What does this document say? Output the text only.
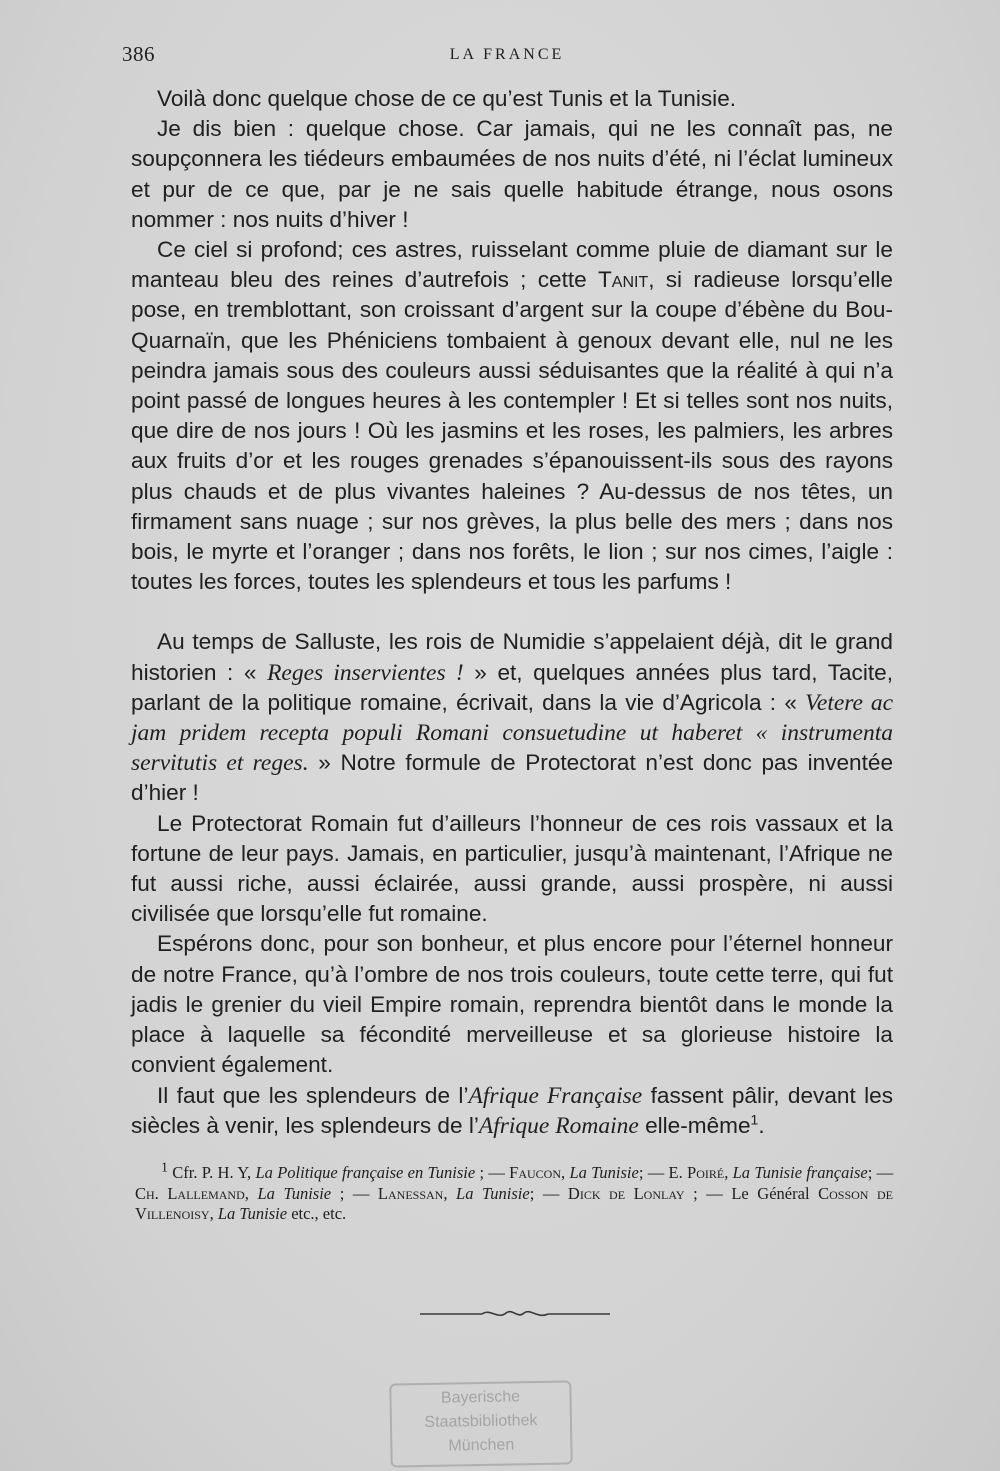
386	LA FRANCE

Voilà donc quelque chose de ce qu’est Tunis et la Tunisie.

Je dis bien : quelque chose. Car jamais, qui ne les connaît pas, ne soupçonnera les tiédeurs embaumées de nos nuits d’été, ni l’éclat lumineux et pur de ce que, par je ne sais quelle habitude étrange, nous osons nommer : nos nuits d’hiver !

Ce ciel si profond; ces astres, ruisselant comme pluie de diamant sur le manteau bleu des reines d’autrefois ; cette Tanit, si radieuse lorsqu’elle pose, en tremblottant, son croissant d’argent sur la coupe d’ébène du Bou-Quarnaïn, que les Phéniciens tombaient à genoux devant elle, nul ne les peindra jamais sous des couleurs aussi séduisantes que la réalité à qui n’a point passé de longues heures à les contempler ! Et si telles sont nos nuits, que dire de nos jours ! Où les jasmins et les roses, les palmiers, les arbres aux fruits d’or et les rouges grenades s’épanouissent-ils sous des rayons plus chauds et de plus vivantes haleines ? Au-dessus de nos têtes, un firmament sans nuage ; sur nos grèves, la plus belle des mers ; dans nos bois, le myrte et l’oranger ; dans nos forêts, le lion ; sur nos cimes, l’aigle : toutes les forces, toutes les splendeurs et tous les parfums !

Au temps de Salluste, les rois de Numidie s’appelaient déjà, dit le grand historien : « Reges inservientes ! » et, quelques années plus tard, Tacite, parlant de la politique romaine, écrivait, dans la vie d’Agricola : « Vetere ac jam pridem recepta populi Romani consuetudine ut haberet « instrumenta servitutis et reges. » Notre formule de Protectorat n’est donc pas inventée d’hier !

Le Protectorat Romain fut d’ailleurs l’honneur de ces rois vassaux et la fortune de leur pays. Jamais, en particulier, jusqu’à maintenant, l’Afrique ne fut aussi riche, aussi éclairée, aussi grande, aussi prospère, ni aussi civilisée que lorsqu’elle fut romaine.

Espérons donc, pour son bonheur, et plus encore pour l’éternel honneur de notre France, qu’à l’ombre de nos trois couleurs, toute cette terre, qui fut jadis le grenier du vieil Empire romain, reprendra bientôt dans le monde la place à laquelle sa fécondité merveilleuse et sa glorieuse histoire la convient également.

Il faut que les splendeurs de l’Afrique Française fassent pâlir, devant les siècles à venir, les splendeurs de l’Afrique Romaine elle-même$^1$.

$^1$ Cfr. P. H. Y, La Politique française en Tunisie ; — Faucon, La Tunisie; — E. Poiré, La Tunisie française; — Ch. Lallemand, La Tunisie ; — Lanessan, La Tunisie; — Dick de Lonlay ; — Le Général Cosson de Villenoisy, La Tunisie etc., etc.

Bayerische
Staatsbibliothek
München
